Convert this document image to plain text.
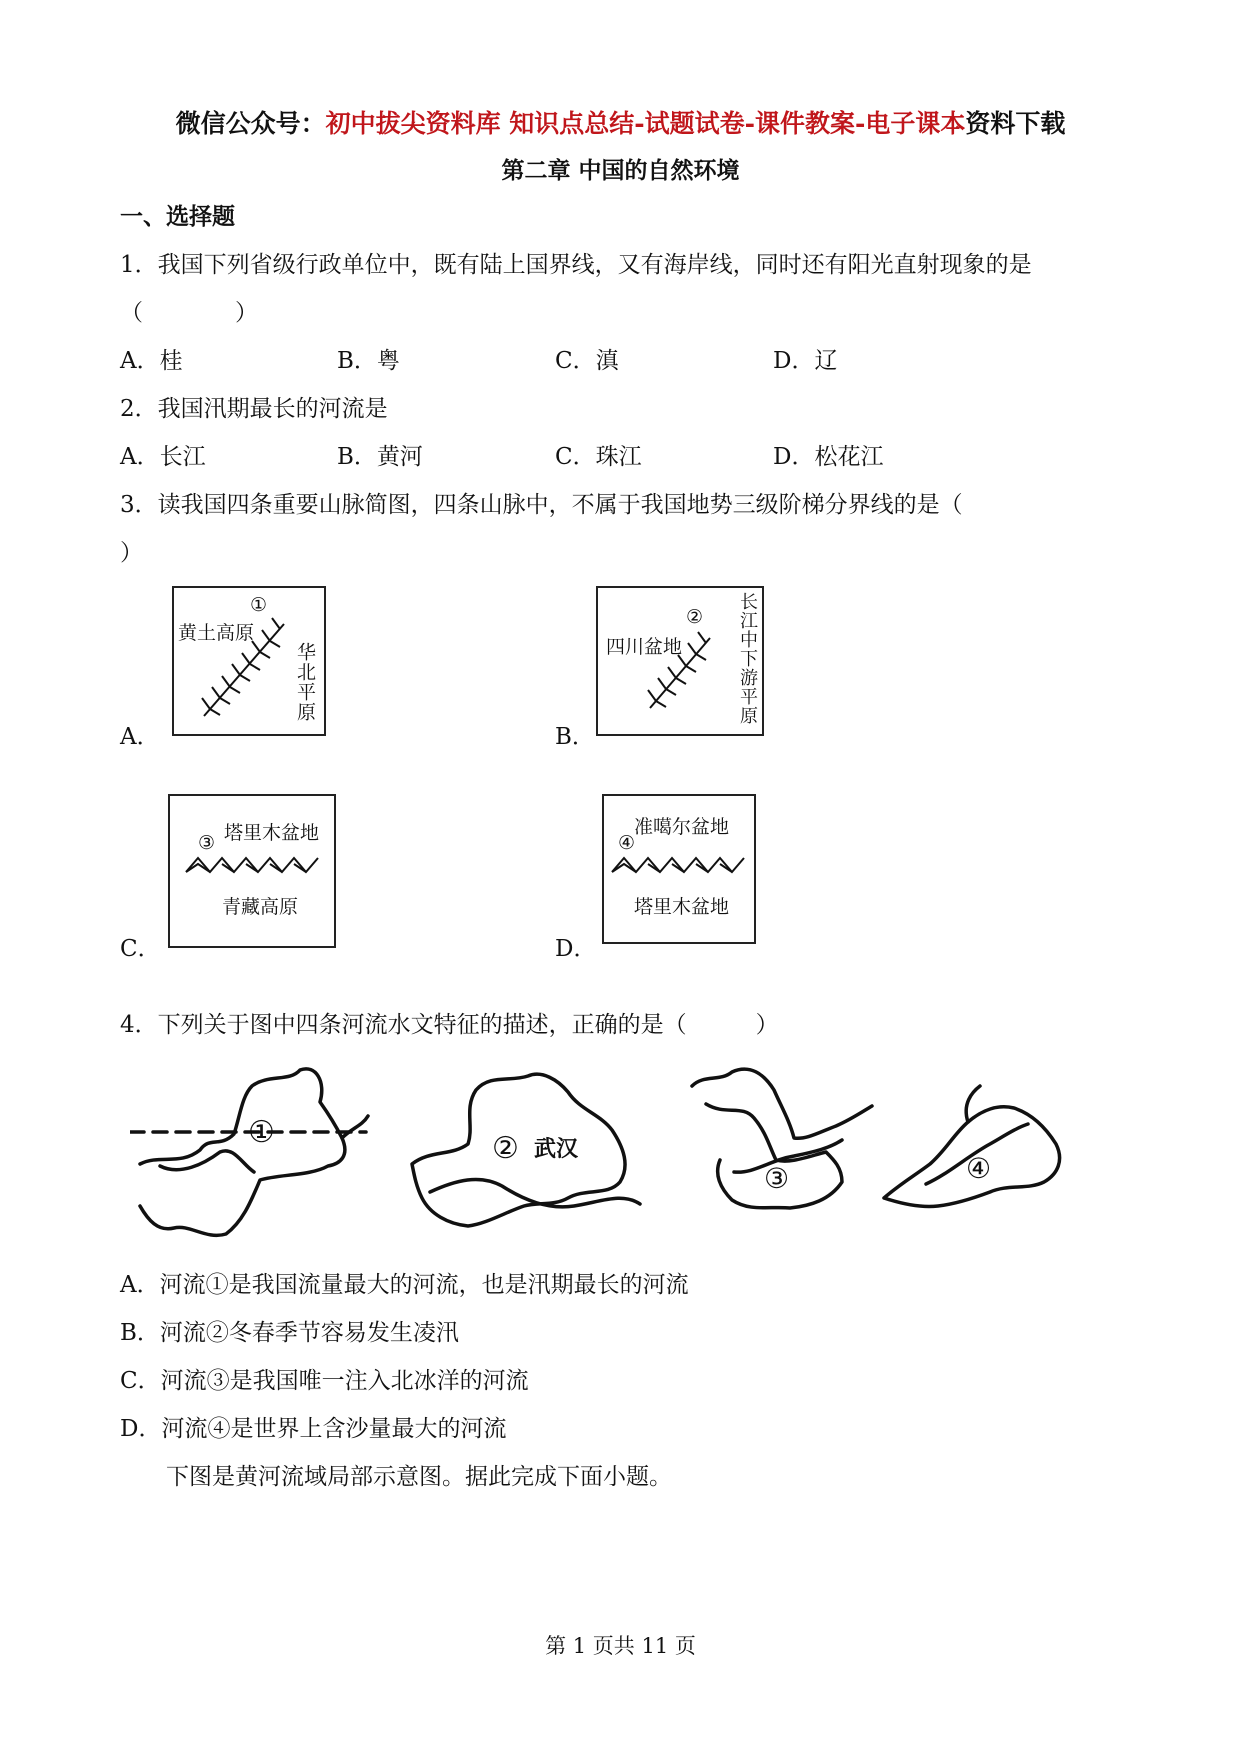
微信公众号：初中拔尖资料库 知识点总结-试题试卷-课件教案-电子课本资料下载
第二章 中国的自然环境
一、选择题
1．我国下列省级行政单位中，既有陆上国界线，又有海岸线，同时还有阳光直射现象的是
（　　　　）
A．桂	B．粤	C．滇	D．辽
2．我国汛期最长的河流是
A．长江	B．黄河	C．珠江	D．松花江
3．读我国四条重要山脉简图，四条山脉中，不属于我国地势三级阶梯分界线的是（
）
A．	B．
C．	D．
①
黄土高原
华北平原
②
四川盆地	长江中下游平原
③ 塔里木盆地
青藏高原
④
准噶尔盆地
塔里木盆地
4．下列关于图中四条河流水文特征的描述，正确的是（　　　）
①	② 武汉
③	④
A．河流①是我国流量最大的河流，也是汛期最长的河流
B．河流②冬春季节容易发生凌汛
C．河流③是我国唯一注入北冰洋的河流
D．河流④是世界上含沙量最大的河流
下图是黄河流域局部示意图。据此完成下面小题。
第 1 页共 11 页
